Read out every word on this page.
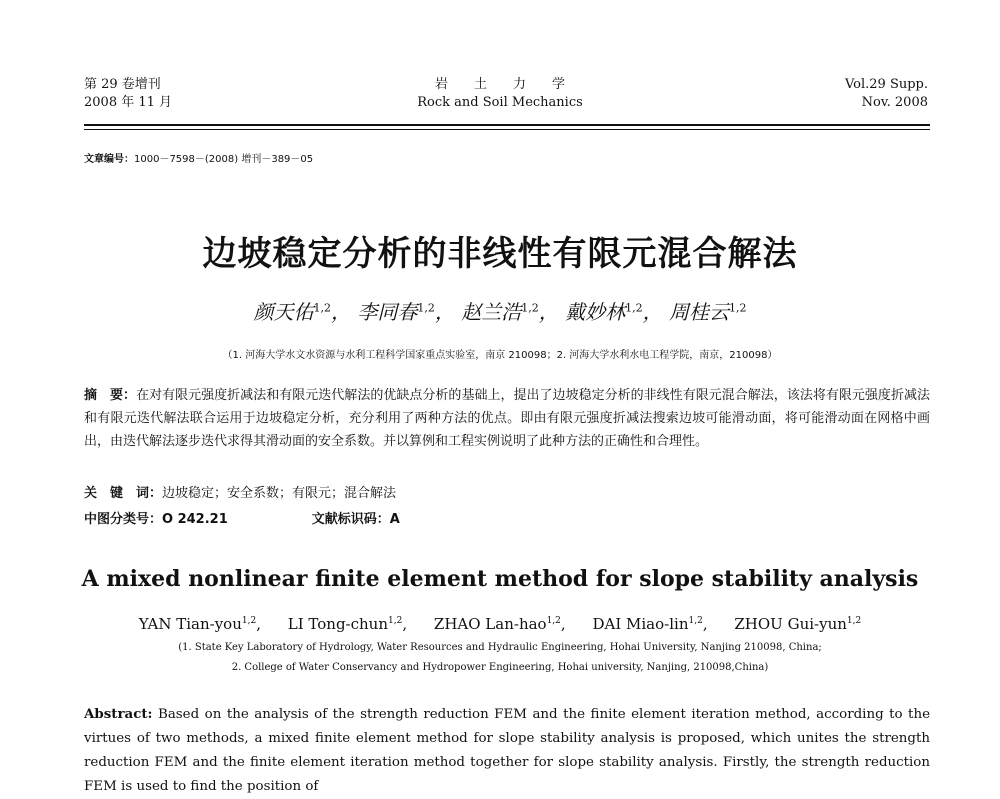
第 29 卷增刊
2008 年 11 月
岩土力学
Rock and Soil Mechanics
Vol.29 Supp.
Nov. 2008
文章编号：1000－7598－(2008) 增刊－389－05
边坡稳定分析的非线性有限元混合解法
颜天佑$^{1,2}$， 李同春$^{1,2}$， 赵兰浩$^{1,2}$， 戴妙林$^{1,2}$， 周桂云$^{1,2}$
（1. 河海大学水文水资源与水利工程科学国家重点实验室，南京 210098；2. 河海大学水利水电工程学院，南京，210098）
摘　要：在对有限元强度折减法和有限元迭代解法的优缺点分析的基础上，提出了边坡稳定分析的非线性有限元混合解法，该法将有限元强度折减法和有限元迭代解法联合运用于边坡稳定分析，充分利用了两种方法的优点。即由有限元强度折减法搜索边坡可能滑动面，将可能滑动面在网格中画出，由迭代解法逐步迭代求得其滑动面的安全系数。并以算例和工程实例说明了此种方法的正确性和合理性。
关　键　词：边坡稳定；安全系数；有限元；混合解法
中图分类号：O 242.21	文献标识码：A
A mixed nonlinear finite element method for slope stability analysis
YAN Tian-you$^{1,2}$, LI Tong-chun$^{1,2}$, ZHAO Lan-hao$^{1,2}$, DAI Miao-lin$^{1,2}$, ZHOU Gui-yun$^{1,2}$
(1. State Key Laboratory of Hydrology, Water Resources and Hydraulic Engineering, Hohai University, Nanjing 210098, China;
2. College of Water Conservancy and Hydropower Engineering, Hohai university, Nanjing, 210098,China)
Abstract: Based on the analysis of the strength reduction FEM and the finite element iteration method, according to the virtues of two methods, a mixed finite element method for slope stability analysis is proposed, which unites the strength reduction FEM and the finite element iteration method together for slope stability analysis. Firstly, the strength reduction FEM is used to find the position of
